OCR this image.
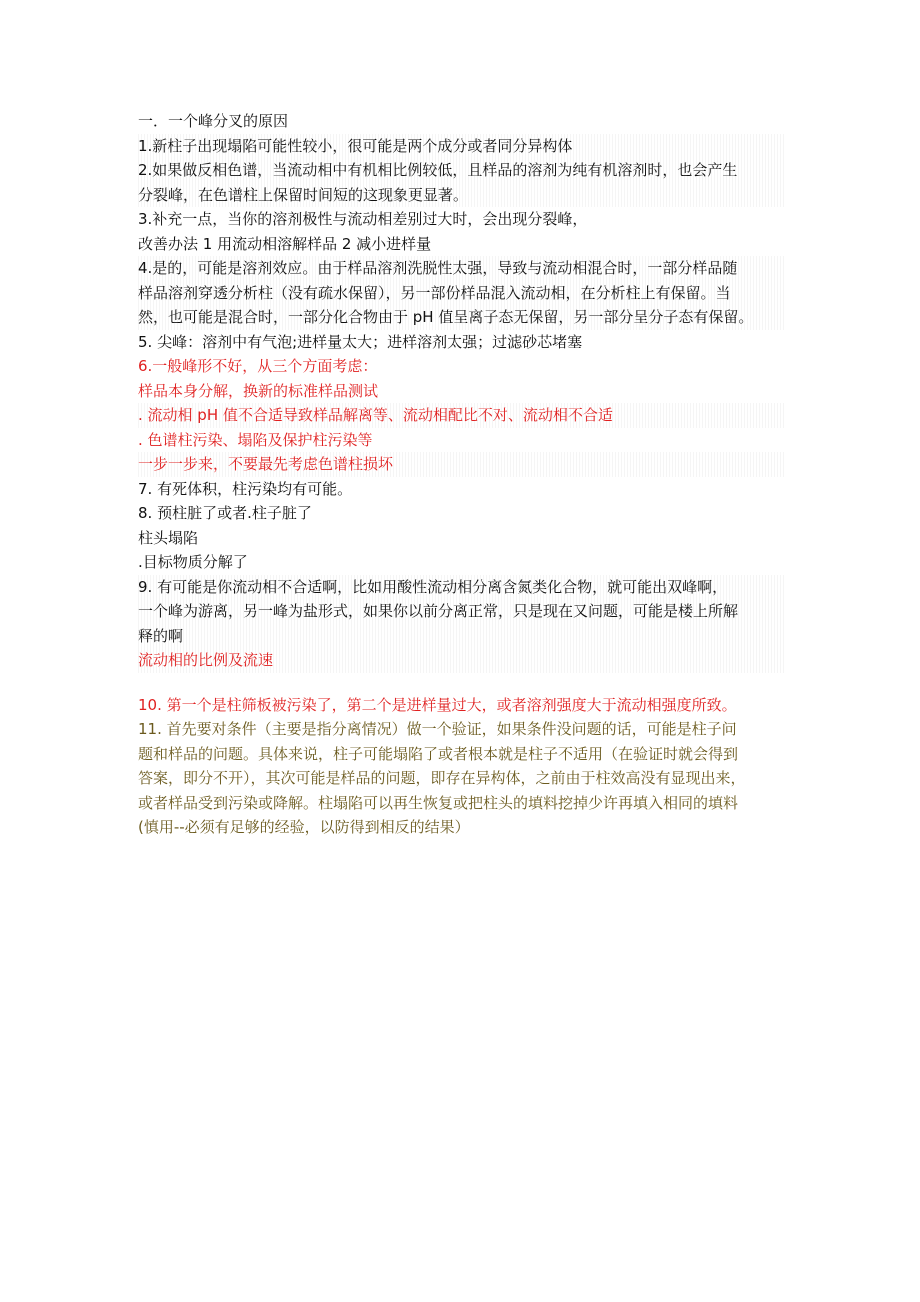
一．一个峰分叉的原因
1.新柱子出现塌陷可能性较小，很可能是两个成分或者同分异构体
2.如果做反相色谱，当流动相中有机相比例较低，且样品的溶剂为纯有机溶剂时，也会产生
分裂峰，在色谱柱上保留时间短的这现象更显著。
3.补充一点，当你的溶剂极性与流动相差别过大时，会出现分裂峰，
改善办法 1 用流动相溶解样品 2 减小进样量
4.是的，可能是溶剂效应。由于样品溶剂洗脱性太强，导致与流动相混合时，一部分样品随
样品溶剂穿透分析柱（没有疏水保留），另一部份样品混入流动相，在分析柱上有保留。当
然，也可能是混合时，一部分化合物由于 pH 值呈离子态无保留，另一部分呈分子态有保留。
5. 尖峰：溶剂中有气泡;进样量太大；进样溶剂太强；过滤砂芯堵塞
6.一般峰形不好，从三个方面考虑：
样品本身分解，换新的标准样品测试
. 流动相 pH 值不合适导致样品解离等、流动相配比不对、流动相不合适
. 色谱柱污染、塌陷及保护柱污染等
一步一步来，不要最先考虑色谱柱损坏
7. 有死体积，柱污染均有可能。
8. 预柱脏了或者.柱子脏了
柱头塌陷
.目标物质分解了
9. 有可能是你流动相不合适啊，比如用酸性流动相分离含氮类化合物，就可能出双峰啊，
一个峰为游离，另一峰为盐形式，如果你以前分离正常，只是现在又问题，可能是楼上所解
释的啊
流动相的比例及流速
10. 第一个是柱筛板被污染了，第二个是进样量过大，或者溶剂强度大于流动相强度所致。
11. 首先要对条件（主要是指分离情况）做一个验证，如果条件没问题的话，可能是柱子问
题和样品的问题。具体来说，柱子可能塌陷了或者根本就是柱子不适用（在验证时就会得到
答案，即分不开），其次可能是样品的问题，即存在异构体，之前由于柱效高没有显现出来，
或者样品受到污染或降解。柱塌陷可以再生恢复或把柱头的填料挖掉少许再填入相同的填料
(慎用--必须有足够的经验，以防得到相反的结果）
